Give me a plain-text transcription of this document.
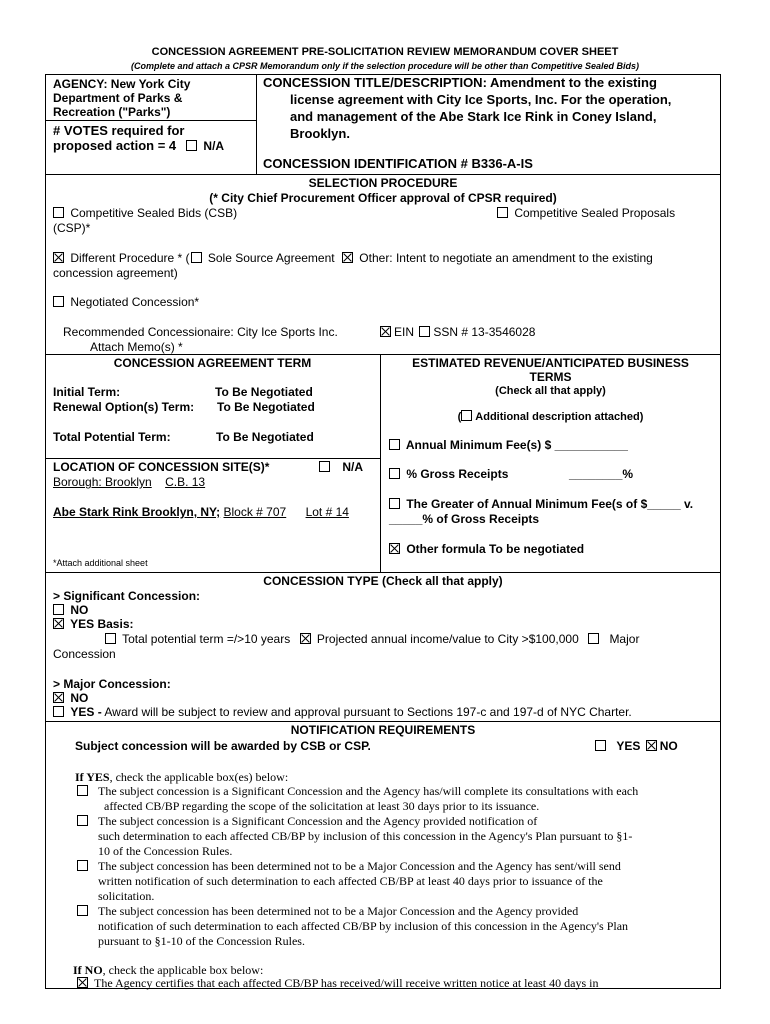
CONCESSION AGREEMENT PRE-SOLICITATION REVIEW MEMORANDUM COVER SHEET
(Complete and attach a CPSR Memorandum only if the selection procedure will be other than Competitive Sealed Bids)
AGENCY: New York City
Department of Parks &
Recreation ("Parks")
# VOTES required for
proposed action = 4 N/A
CONCESSION TITLE/DESCRIPTION: Amendment to the existing
license agreement with City Ice Sports, Inc. For the operation,
and management of the Abe Stark Ice Rink in Coney Island,
Brooklyn.
CONCESSION IDENTIFICATION # B336-A-IS
SELECTION PROCEDURE
(* City Chief Procurement Officer approval of CPSR required)
Competitive Sealed Bids (CSB)	Competitive Sealed Proposals
(CSP)*
Different Procedure * ( Sole Source Agreement Other: Intent to negotiate an amendment to the existing
concession agreement)
Negotiated Concession*
Recommended Concessionaire: City Ice Sports Inc.	EIN SSN # 13-3546028
Attach Memo(s) *
CONCESSION AGREEMENT TERM
Initial Term:	To Be Negotiated
Renewal Option(s) Term: To Be Negotiated
Total Potential Term:	To Be Negotiated
LOCATION OF CONCESSION SITE(S)*	N/A
Borough: Brooklyn C.B. 13
Abe Stark Rink Brooklyn, NY; Block # 707 Lot # 14
*Attach additional sheet
ESTIMATED REVENUE/ANTICIPATED BUSINESS
TERMS
(Check all that apply)
( Additional description attached)
Annual Minimum Fee(s) $ ___________
% Gross Receipts	________%
The Greater of Annual Minimum Fee(s of $_____ v.
_____% of Gross Receipts
Other formula To be negotiated
CONCESSION TYPE (Check all that apply)
> Significant Concession:
NO
YES Basis:
Total potential term =/>10 years Projected annual income/value to City >$100,000	Major
Concession
> Major Concession:
NO
YES - Award will be subject to review and approval pursuant to Sections 197-c and 197-d of NYC Charter.
NOTIFICATION REQUIREMENTS
Subject concession will be awarded by CSB or CSP.	YES NO
If YES, check the applicable box(es) below:
The subject concession is a Significant Concession and the Agency has/will complete its consultations with each
affected CB/BP regarding the scope of the solicitation at least 30 days prior to its issuance.
The subject concession is a Significant Concession and the Agency provided notification of
such determination to each affected CB/BP by inclusion of this concession in the Agency's Plan pursuant to §1-
10 of the Concession Rules.
The subject concession has been determined not to be a Major Concession and the Agency has sent/will send
written notification of such determination to each affected CB/BP at least 40 days prior to issuance of the
solicitation.
The subject concession has been determined not to be a Major Concession and the Agency provided
notification of such determination to each affected CB/BP by inclusion of this concession in the Agency's Plan
pursuant to §1-10 of the Concession Rules.
If NO, check the applicable box below:
The Agency certifies that each affected CB/BP has received/will receive written notice at least 40 days in
